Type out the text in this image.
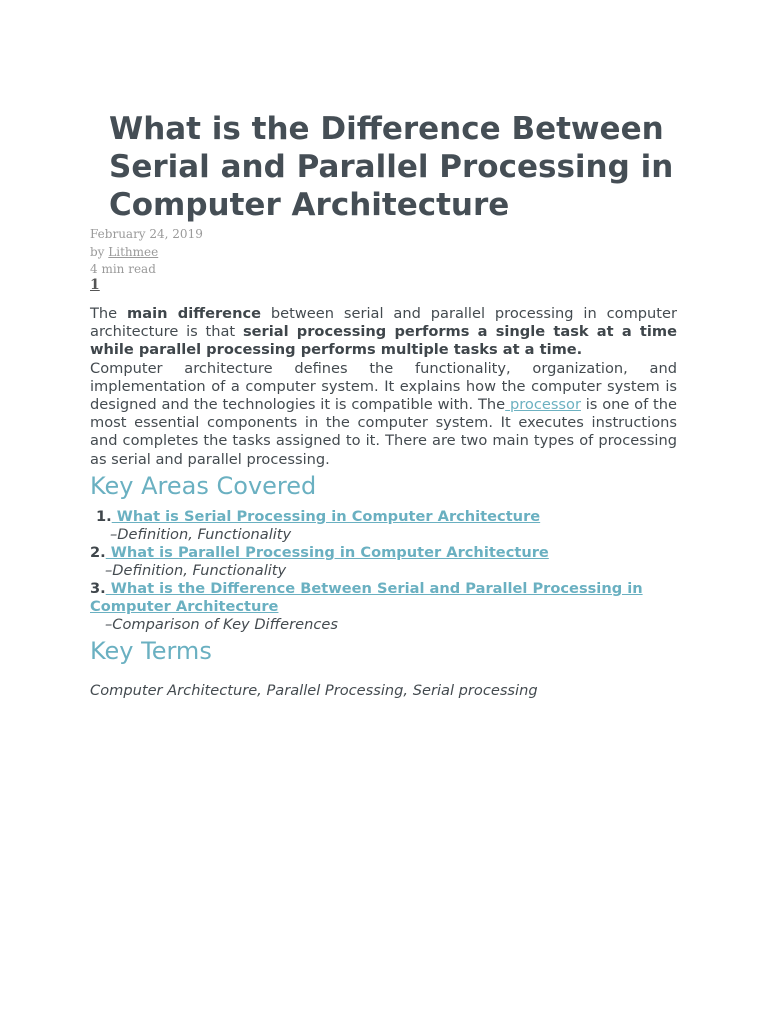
What is the Difference Between Serial and Parallel Processing in Computer Architecture
February 24, 2019
by Lithmee
4 min read
1

The main difference between serial and parallel processing in computer architecture is that serial processing performs a single task at a time while parallel processing performs multiple tasks at a time.

Computer architecture defines the functionality, organization, and implementation of a computer system. It explains how the computer system is designed and the technologies it is compatible with. The processor is one of the most essential components in the computer system. It executes instructions and completes the tasks assigned to it. There are two main types of processing as serial and parallel processing.

Key Areas Covered
1. What is Serial Processing in Computer Architecture
–Definition, Functionality
2. What is Parallel Processing in Computer Architecture
–Definition, Functionality
3. What is the Difference Between Serial and Parallel Processing in Computer Architecture
–Comparison of Key Differences
Key Terms
Computer Architecture, Parallel Processing, Serial processing
